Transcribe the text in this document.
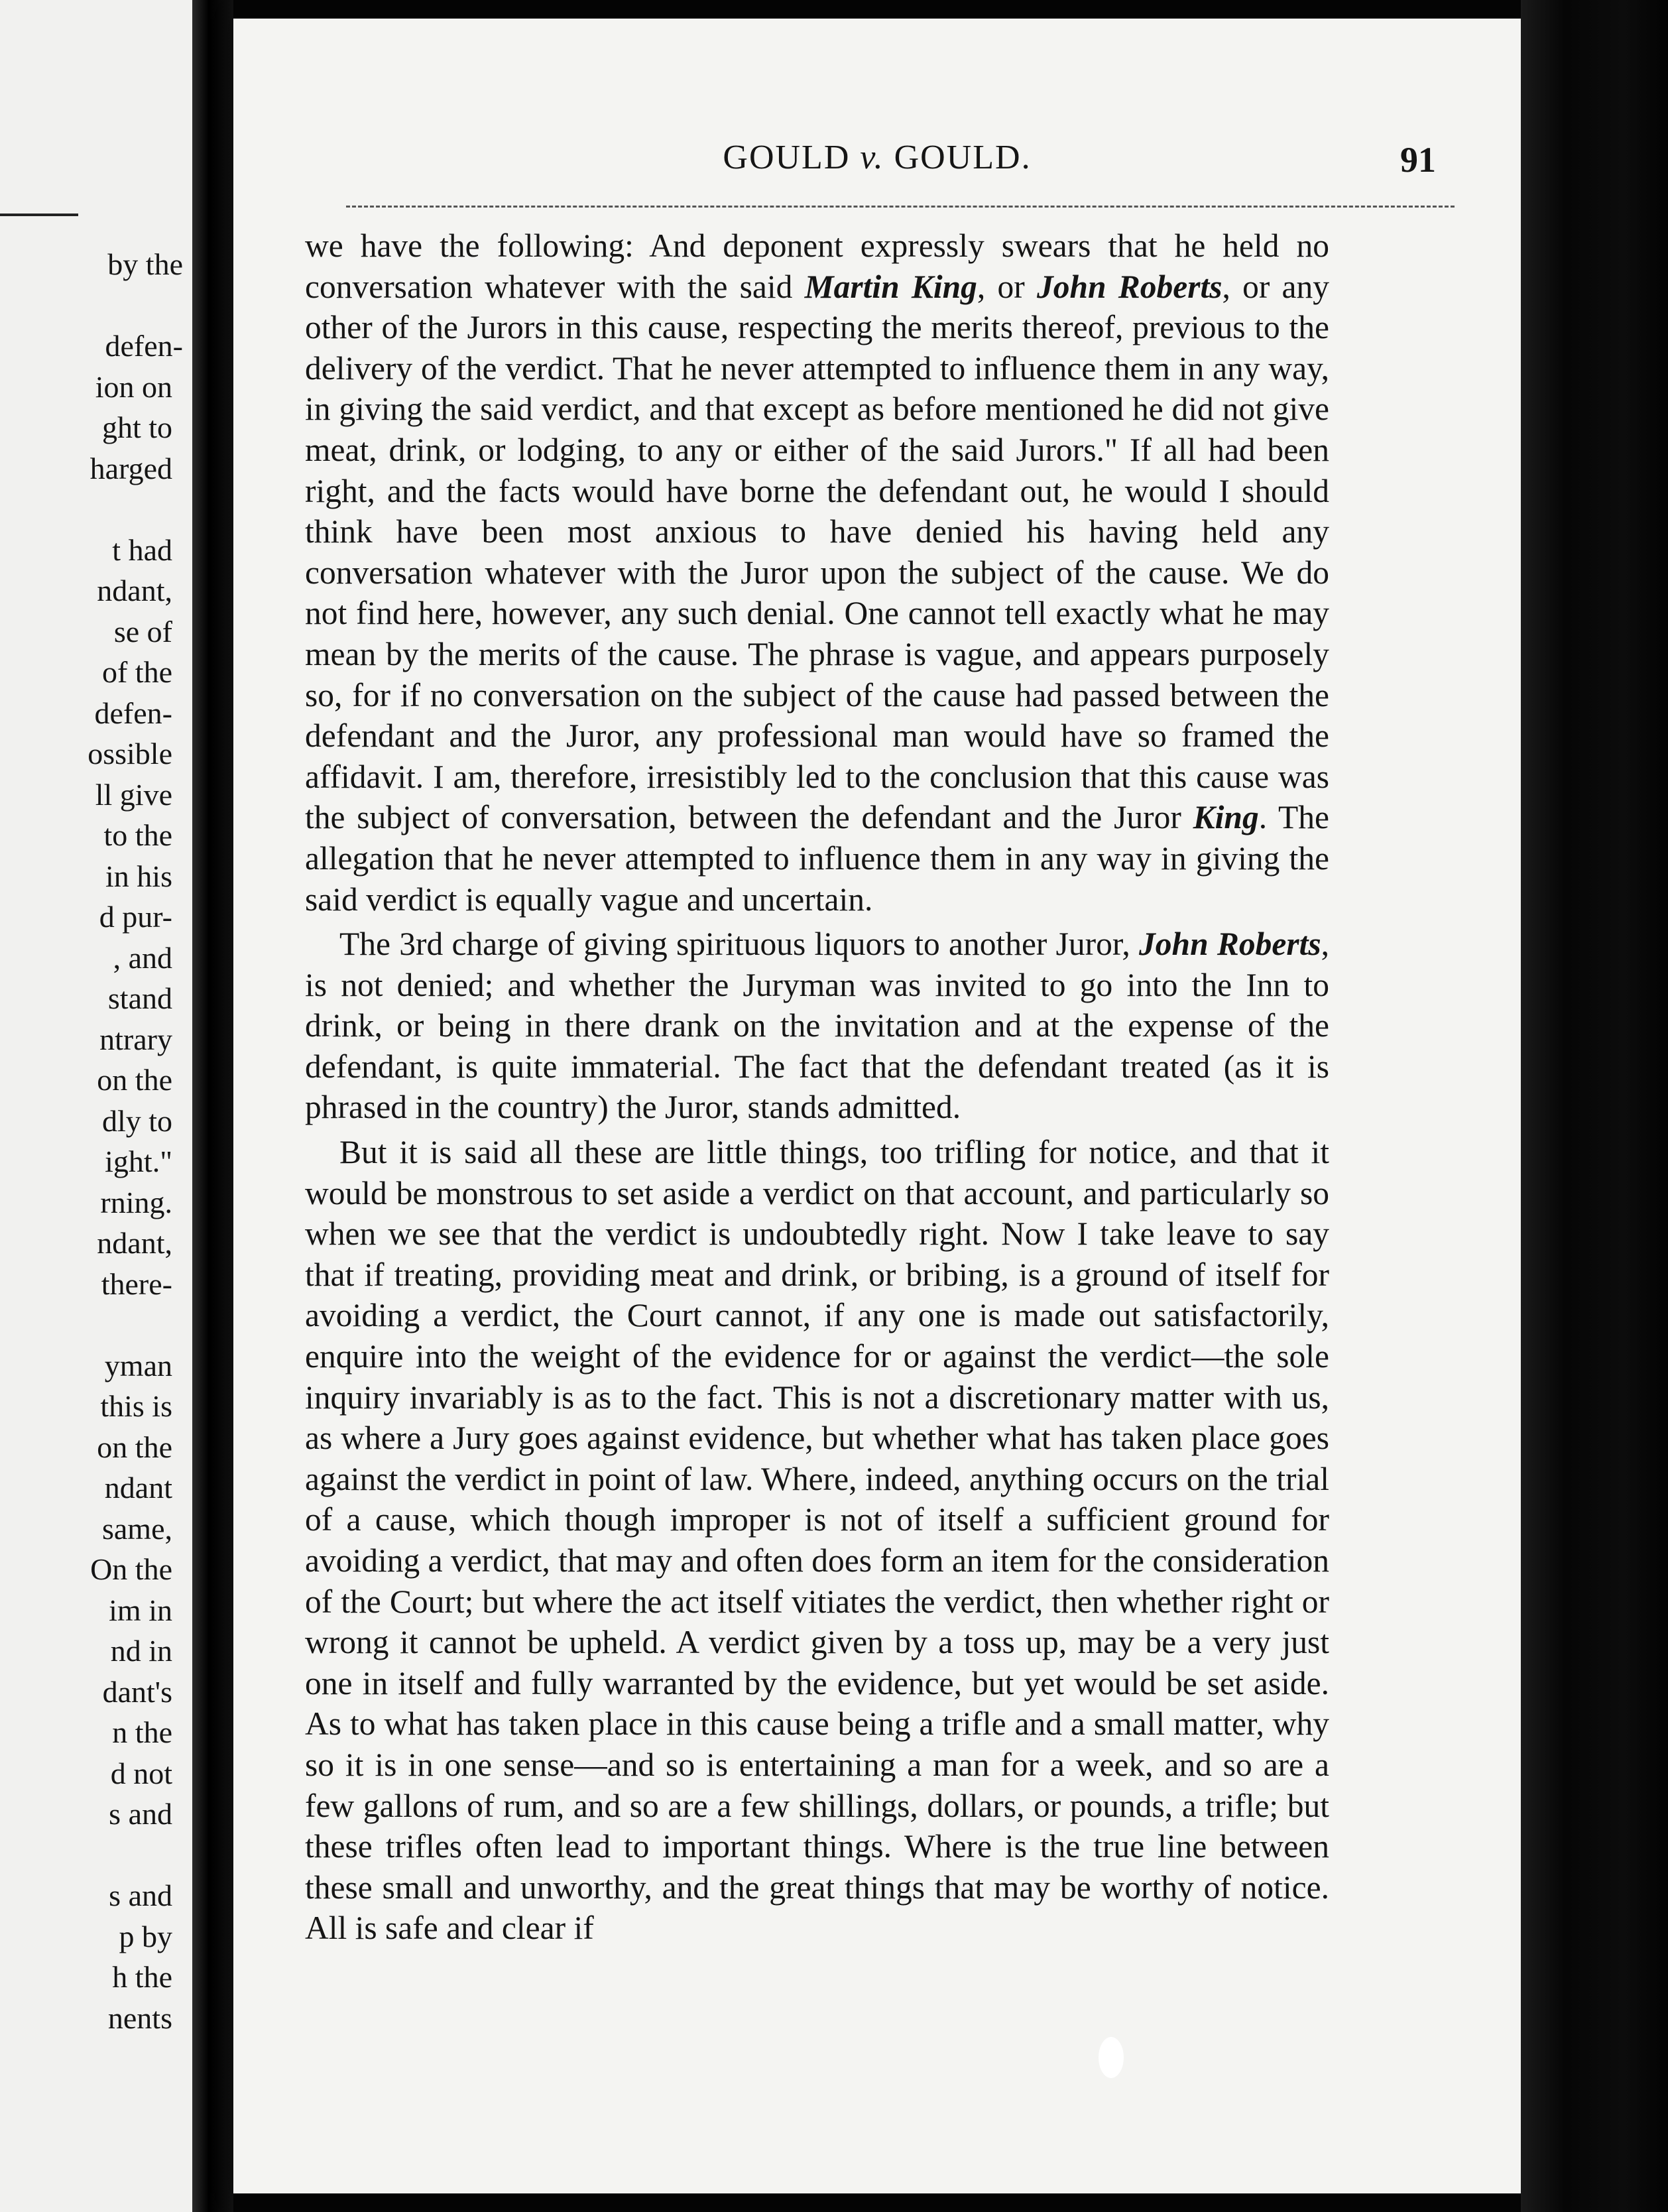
by the
defen-
ion on
ght to
harged
t had
ndant,
se of
of the
defen-
ossible
ll give
to the
in his
d pur-
, and
stand
ntrary
on the
dly to
ight."
rning.
ndant,
there-
yman
this is
on the
ndant
same,
On the
im in
nd in
dant's
n the
d not
s and
s and
p by
h the
nents
GOULD v. GOULD.	91

we have the following: And deponent expressly swears that he held no conversation whatever with the said Martin King, or John Roberts, or any other of the Jurors in this cause, respecting the merits thereof, previous to the delivery of the verdict. That he never attempted to influence them in any way, in giving the said verdict, and that except as before mentioned he did not give meat, drink, or lodging, to any or either of the said Jurors." If all had been right, and the facts would have borne the defendant out, he would I should think have been most anxious to have denied his having held any conversation whatever with the Juror upon the subject of the cause. We do not find here, however, any such denial. One cannot tell exactly what he may mean by the merits of the cause. The phrase is vague, and appears purposely so, for if no conversation on the subject of the cause had passed between the defendant and the Juror, any professional man would have so framed the affidavit. I am, therefore, irresistibly led to the conclusion that this cause was the subject of conversation, between the defendant and the Juror King. The allegation that he never attempted to influence them in any way in giving the said verdict is equally vague and uncertain.

The 3rd charge of giving spirituous liquors to another Juror, John Roberts, is not denied; and whether the Juryman was invited to go into the Inn to drink, or being in there drank on the invitation and at the expense of the defendant, is quite immaterial. The fact that the defendant treated (as it is phrased in the country) the Juror, stands admitted.

But it is said all these are little things, too trifling for notice, and that it would be monstrous to set aside a verdict on that account, and particularly so when we see that the verdict is undoubtedly right. Now I take leave to say that if treating, providing meat and drink, or bribing, is a ground of itself for avoiding a verdict, the Court cannot, if any one is made out satisfactorily, enquire into the weight of the evidence for or against the verdict—the sole inquiry invariably is as to the fact. This is not a discretionary matter with us, as where a Jury goes against evidence, but whether what has taken place goes against the verdict in point of law. Where, indeed, anything occurs on the trial of a cause, which though improper is not of itself a sufficient ground for avoiding a verdict, that may and often does form an item for the consideration of the Court; but where the act itself vitiates the verdict, then whether right or wrong it cannot be upheld. A verdict given by a toss up, may be a very just one in itself and fully warranted by the evidence, but yet would be set aside. As to what has taken place in this cause being a trifle and a small matter, why so it is in one sense—and so is entertaining a man for a week, and so are a few gallons of rum, and so are a few shillings, dollars, or pounds, a trifle; but these trifles often lead to important things. Where is the true line between these small and unworthy, and the great things that may be worthy of notice. All is safe and clear if
